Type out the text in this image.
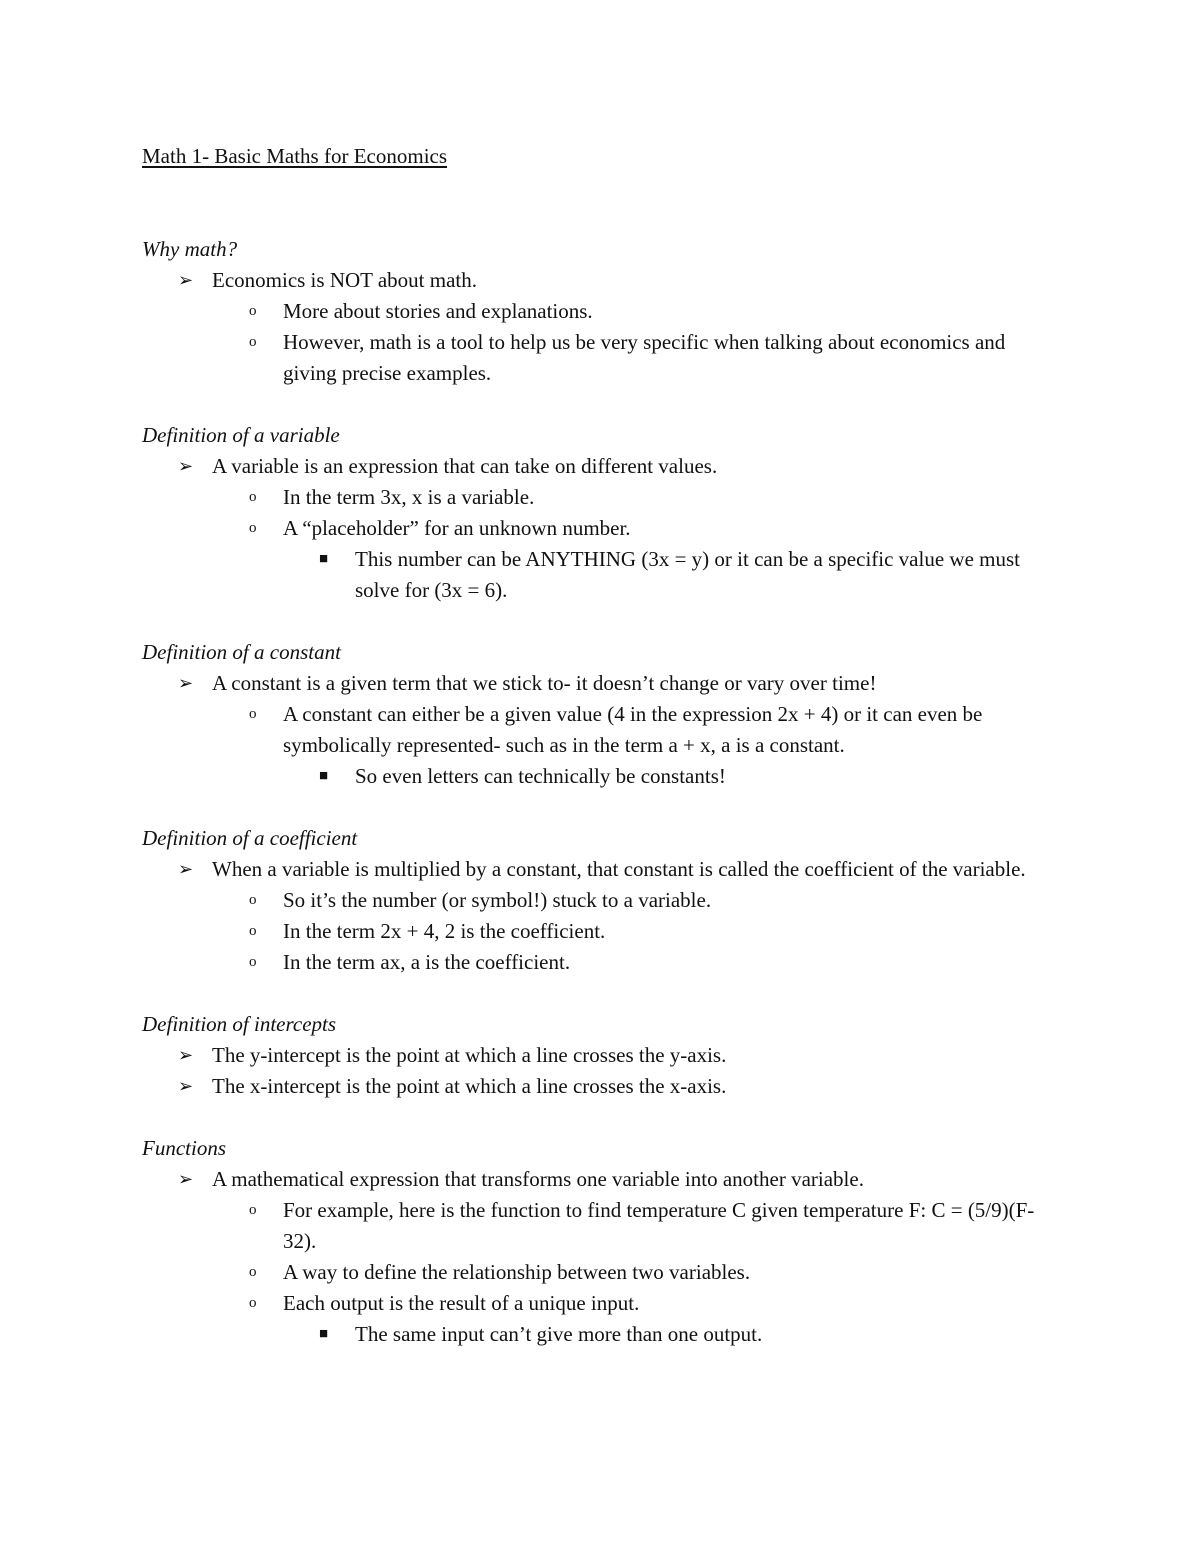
Math 1- Basic Maths for Economics
Why math?
➢ Economics is NOT about math.
o More about stories and explanations.
o However, math is a tool to help us be very specific when talking about economics and giving precise examples.
Definition of a variable
➢ A variable is an expression that can take on different values.
o In the term 3x, x is a variable.
o A “placeholder” for an unknown number.
■ This number can be ANYTHING (3x = y) or it can be a specific value we must solve for (3x = 6).
Definition of a constant
➢ A constant is a given term that we stick to- it doesn’t change or vary over time!
o A constant can either be a given value (4 in the expression 2x + 4) or it can even be symbolically represented- such as in the term a + x, a is a constant.
■ So even letters can technically be constants!
Definition of a coefficient
➢ When a variable is multiplied by a constant, that constant is called the coefficient of the variable.
o So it’s the number (or symbol!) stuck to a variable.
o In the term 2x + 4, 2 is the coefficient.
o In the term ax, a is the coefficient.
Definition of intercepts
➢ The y-intercept is the point at which a line crosses the y-axis.
➢ The x-intercept is the point at which a line crosses the x-axis.
Functions
➢ A mathematical expression that transforms one variable into another variable.
o For example, here is the function to find temperature C given temperature F: C = (5/9)(F-32).
o A way to define the relationship between two variables.
o Each output is the result of a unique input.
■ The same input can’t give more than one output.
